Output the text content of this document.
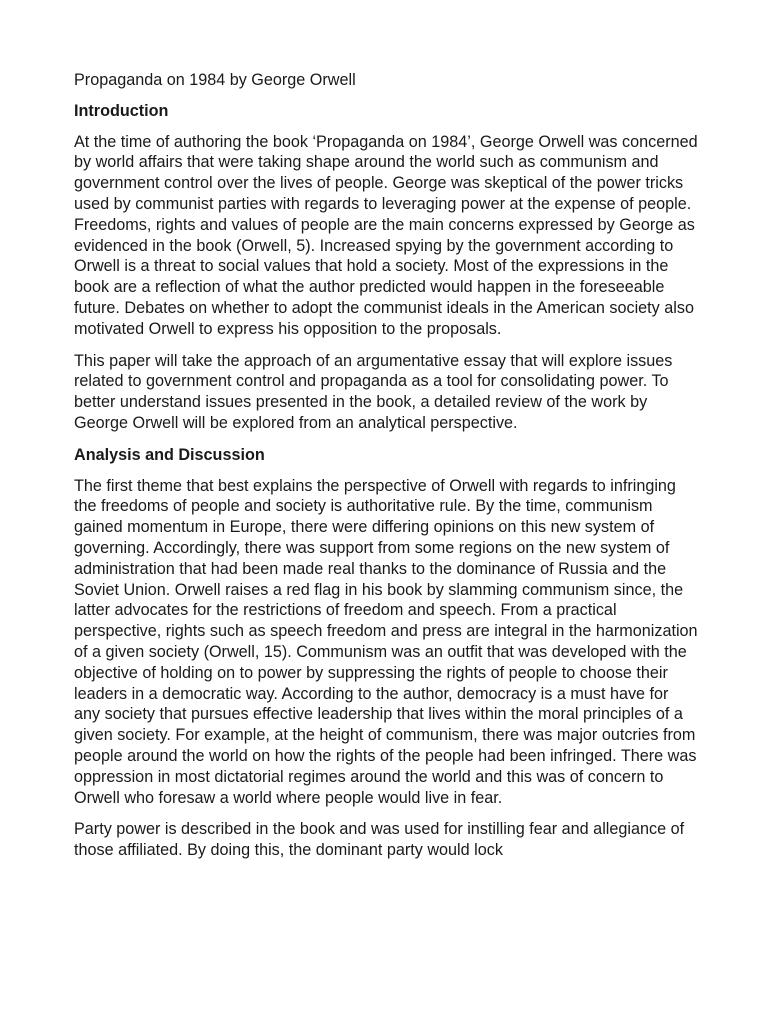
Propaganda on 1984 by George Orwell

Introduction

At the time of authoring the book ‘Propaganda on 1984’, George Orwell was concerned by world affairs that were taking shape around the world such as communism and government control over the lives of people. George was skeptical of the power tricks used by communist parties with regards to leveraging power at the expense of people. Freedoms, rights and values of people are the main concerns expressed by George as evidenced in the book (Orwell, 5). Increased spying by the government according to Orwell is a threat to social values that hold a society. Most of the expressions in the book are a reflection of what the author predicted would happen in the foreseeable future. Debates on whether to adopt the communist ideals in the American society also motivated Orwell to express his opposition to the proposals.

This paper will take the approach of an argumentative essay that will explore issues related to government control and propaganda as a tool for consolidating power. To better understand issues presented in the book, a detailed review of the work by George Orwell will be explored from an analytical perspective.

Analysis and Discussion

The first theme that best explains the perspective of Orwell with regards to infringing the freedoms of people and society is authoritative rule. By the time, communism gained momentum in Europe, there were differing opinions on this new system of governing. Accordingly, there was support from some regions on the new system of administration that had been made real thanks to the dominance of Russia and the Soviet Union. Orwell raises a red flag in his book by slamming communism since, the latter advocates for the restrictions of freedom and speech. From a practical perspective, rights such as speech freedom and press are integral in the harmonization of a given society (Orwell, 15). Communism was an outfit that was developed with the objective of holding on to power by suppressing the rights of people to choose their leaders in a democratic way. According to the author, democracy is a must have for any society that pursues effective leadership that lives within the moral principles of a given society. For example, at the height of communism, there was major outcries from people around the world on how the rights of the people had been infringed. There was oppression in most dictatorial regimes around the world and this was of concern to Orwell who foresaw a world where people would live in fear.

Party power is described in the book and was used for instilling fear and allegiance of those affiliated. By doing this, the dominant party would lock
